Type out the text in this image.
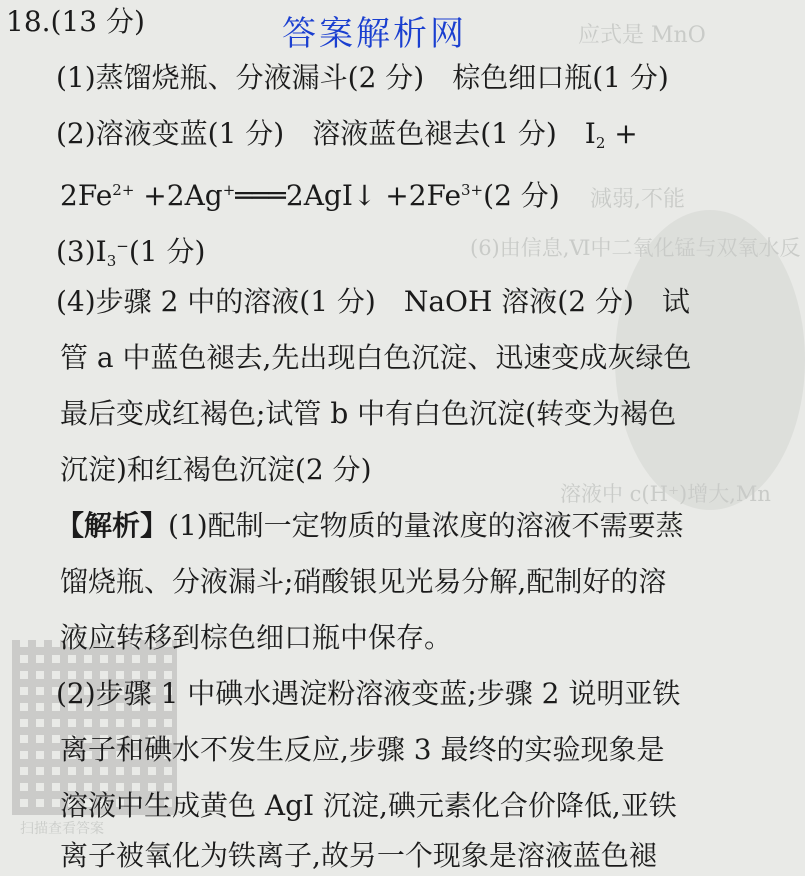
应式是 MnO
減弱,不能
(6)由信息,Ⅵ中二氧化锰与双氧水反
溶液中 c(H⁺)增大,Mn
扫描查看答案
答案解析网
18.(13 分)
(1)蒸馏烧瓶、分液漏斗(2 分)　棕色细口瓶(1 分)
(2)溶液变蓝(1 分)　溶液蓝色褪去(1 分)　$I_2$ +
$2Fe^{2+}$ +2Ag+═══2AgI↓ $+2Fe^{3+}(2$ 分)
$(3)I_3^-(1$ 分)
(4)步骤 2 中的溶液(1 分)　NaOH 溶液(2 分)　试
管 a 中蓝色褪去,先出现白色沉淀、迅速变成灰绿色
最后变成红褐色;试管 b 中有白色沉淀(转变为褐色
沉淀)和红褐色沉淀(2 分)
【解析】(1)配制一定物质的量浓度的溶液不需要蒸
馏烧瓶、分液漏斗;硝酸银见光易分解,配制好的溶
液应转移到棕色细口瓶中保存。
(2)步骤 1 中碘水遇淀粉溶液变蓝;步骤 2 说明亚铁
离子和碘水不发生反应,步骤 3 最终的实验现象是
溶液中生成黄色 AgI 沉淀,碘元素化合价降低,亚铁
离子被氧化为铁离子,故另一个现象是溶液蓝色褪
